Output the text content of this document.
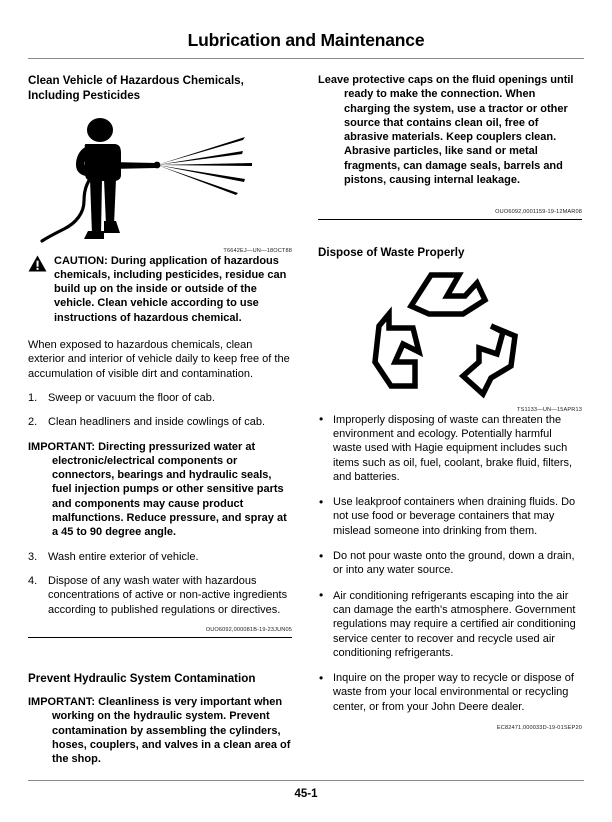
Lubrication and Maintenance
Clean Vehicle of Hazardous Chemicals, Including Pesticides

T6642EJ—UN—18OCT88

CAUTION: During application of hazardous chemicals, including pesticides, residue can build up on the inside or outside of the vehicle. Clean vehicle according to use instructions of hazardous chemical.

When exposed to hazardous chemicals, clean exterior and interior of vehicle daily to keep free of the accumulation of visible dirt and contamination.

1. Sweep or vacuum the floor of cab.
2. Clean headliners and inside cowlings of cab.

IMPORTANT: Directing pressurized water at electronic/electrical components or connectors, bearings and hydraulic seals, fuel injection pumps or other sensitive parts and components may cause product malfunctions. Reduce pressure, and spray at a 45 to 90 degree angle.

3. Wash entire exterior of vehicle.
4. Dispose of any wash water with hazardous concentrations of active or non-active ingredients according to published regulations or directives.

OUO6092,000081B-19-23JUN05

Prevent Hydraulic System Contamination

IMPORTANT: Cleanliness is very important when working on the hydraulic system. Prevent contamination by assembling the cylinders, hoses, couplers, and valves in a clean area of the shop.

Leave protective caps on the fluid openings until ready to make the connection. When charging the system, use a tractor or other source that contains clean oil, free of abrasive materials. Keep couplers clean. Abrasive particles, like sand or metal fragments, can damage seals, barrels and pistons, causing internal leakage.

OUO6092,0001159-19-12MAR08

Dispose of Waste Properly

TS1133—UN—15APR13

• Improperly disposing of waste can threaten the environment and ecology. Potentially harmful waste used with Hagie equipment includes such items such as oil, fuel, coolant, brake fluid, filters, and batteries.
• Use leakproof containers when draining fluids. Do not use food or beverage containers that may mislead someone into drinking from them.
• Do not pour waste onto the ground, down a drain, or into any water source.
• Air conditioning refrigerants escaping into the air can damage the earth's atmosphere. Government regulations may require a certified air conditioning service center to recover and recycle used air conditioning refrigerants.
• Inquire on the proper way to recycle or dispose of waste from your local environmental or recycling center, or from your John Deere dealer.

EC82471,000033D-19-01SEP20

45-1
